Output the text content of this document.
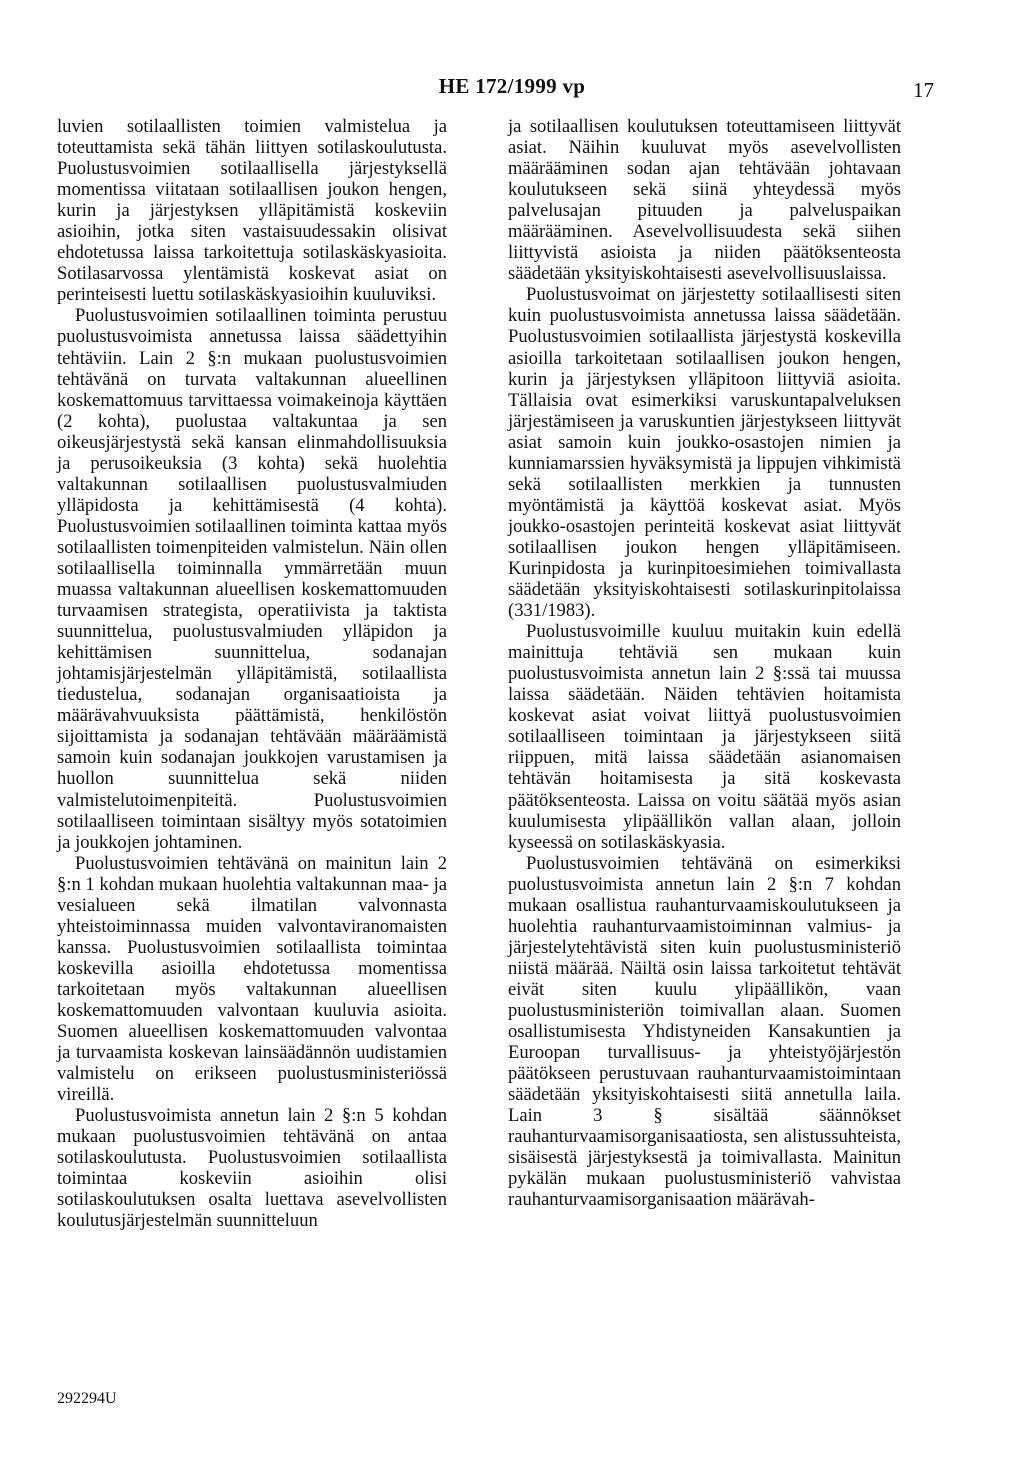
HE 172/1999 vp	17

luvien sotilaallisten toimien valmistelua ja toteuttamista sekä tähän liittyen sotilaskoulutusta. Puolustusvoimien sotilaallisella järjestyksellä momentissa viitataan sotilaallisen joukon hengen, kurin ja järjestyksen ylläpitämistä koskeviin asioihin, jotka siten vastaisuudessakin olisivat ehdotetussa laissa tarkoitettuja sotilaskäskyasioita. Sotilasarvossa ylentämistä koskevat asiat on perinteisesti luettu sotilaskäskyasioihin kuuluviksi.

Puolustusvoimien sotilaallinen toiminta perustuu puolustusvoimista annetussa laissa säädettyihin tehtäviin. Lain 2 §:n mukaan puolustusvoimien tehtävänä on turvata valtakunnan alueellinen koskemattomuus tarvittaessa voimakeinoja käyttäen (2 kohta), puolustaa valtakuntaa ja sen oikeusjärjestystä sekä kansan elinmahdollisuuksia ja perusoikeuksia (3 kohta) sekä huolehtia valtakunnan sotilaallisen puolustusvalmiuden ylläpidosta ja kehittämisestä (4 kohta). Puolustusvoimien sotilaallinen toiminta kattaa myös sotilaallisten toimenpiteiden valmistelun. Näin ollen sotilaallisella toiminnalla ymmärretään muun muassa valtakunnan alueellisen koskemattomuuden turvaamisen strategista, operatiivista ja taktista suunnittelua, puolustusvalmiuden ylläpidon ja kehittämisen suunnittelua, sodanajan johtamisjärjestelmän ylläpitämistä, sotilaallista tiedustelua, sodanajan organisaatioista ja määrävahvuuksista päättämistä, henkilöstön sijoittamista ja sodanajan tehtävään määräämistä samoin kuin sodanajan joukkojen varustamisen ja huollon suunnittelua sekä niiden valmistelutoimenpiteitä. Puolustusvoimien sotilaalliseen toimintaan sisältyy myös sotatoimien ja joukkojen johtaminen.

Puolustusvoimien tehtävänä on mainitun lain 2 §:n 1 kohdan mukaan huolehtia valtakunnan maa- ja vesialueen sekä ilmatilan valvonnasta yhteistoiminnassa muiden valvontaviranomaisten kanssa. Puolustusvoimien sotilaallista toimintaa koskevilla asioilla ehdotetussa momentissa tarkoitetaan myös valtakunnan alueellisen koskemattomuuden valvontaan kuuluvia asioita. Suomen alueellisen koskemattomuuden valvontaa ja turvaamista koskevan lainsäädännön uudistamien valmistelu on erikseen puolustusministeriössä vireillä.

Puolustusvoimista annetun lain 2 §:n 5 kohdan mukaan puolustusvoimien tehtävänä on antaa sotilaskoulutusta. Puolustusvoimien sotilaallista toimintaa koskeviin asioihin olisi sotilaskoulutuksen osalta luettava asevelvollisten koulutusjärjestelmän suunnitteluun

ja sotilaallisen koulutuksen toteuttamiseen liittyvät asiat. Näihin kuuluvat myös asevelvollisten määrääminen sodan ajan tehtävään johtavaan koulutukseen sekä siinä yhteydessä myös palvelusajan pituuden ja palveluspaikan määrääminen. Asevelvollisuudesta sekä siihen liittyvistä asioista ja niiden päätöksenteosta säädetään yksityiskohtaisesti asevelvollisuuslaissa.

Puolustusvoimat on järjestetty sotilaallisesti siten kuin puolustusvoimista annetussa laissa säädetään. Puolustusvoimien sotilaallista järjestystä koskevilla asioilla tarkoitetaan sotilaallisen joukon hengen, kurin ja järjestyksen ylläpitoon liittyviä asioita. Tällaisia ovat esimerkiksi varuskuntapalveluksen järjestämiseen ja varuskuntien järjestykseen liittyvät asiat samoin kuin joukko-osastojen nimien ja kunniamarssien hyväksymistä ja lippujen vihkimistä sekä sotilaallisten merkkien ja tunnusten myöntämistä ja käyttöä koskevat asiat. Myös joukko-osastojen perinteitä koskevat asiat liittyvät sotilaallisen joukon hengen ylläpitämiseen. Kurinpidosta ja kurinpitoesimiehen toimivallasta säädetään yksityiskohtaisesti sotilaskurinpitolaissa (331/1983).

Puolustusvoimille kuuluu muitakin kuin edellä mainittuja tehtäviä sen mukaan kuin puolustusvoimista annetun lain 2 §:ssä tai muussa laissa säädetään. Näiden tehtävien hoitamista koskevat asiat voivat liittyä puolustusvoimien sotilaalliseen toimintaan ja järjestykseen siitä riippuen, mitä laissa säädetään asianomaisen tehtävän hoitamisesta ja sitä koskevasta päätöksenteosta. Laissa on voitu säätää myös asian kuulumisesta ylipäällikön vallan alaan, jolloin kyseessä on sotilaskäskyasia.

Puolustusvoimien tehtävänä on esimerkiksi puolustusvoimista annetun lain 2 §:n 7 kohdan mukaan osallistua rauhanturvaamiskoulutukseen ja huolehtia rauhanturvaamistoiminnan valmius- ja järjestelytehtävistä siten kuin puolustusministeriö niistä määrää. Näiltä osin laissa tarkoitetut tehtävät eivät siten kuulu ylipäällikön, vaan puolustusministeriön toimivallan alaan. Suomen osallistumisesta Yhdistyneiden Kansakuntien ja Euroopan turvallisuus- ja yhteistyöjärjestön päätökseen perustuvaan rauhanturvaamistoimintaan säädetään yksityiskohtaisesti siitä annetulla laila. Lain 3 § sisältää säännökset rauhanturvaamisorganisaatiosta, sen alistussuhteista, sisäisestä järjestyksestä ja toimivallasta. Mainitun pykälän mukaan puolustusministeriö vahvistaa rauhanturvaamisorganisaation määrävah-

292294U
